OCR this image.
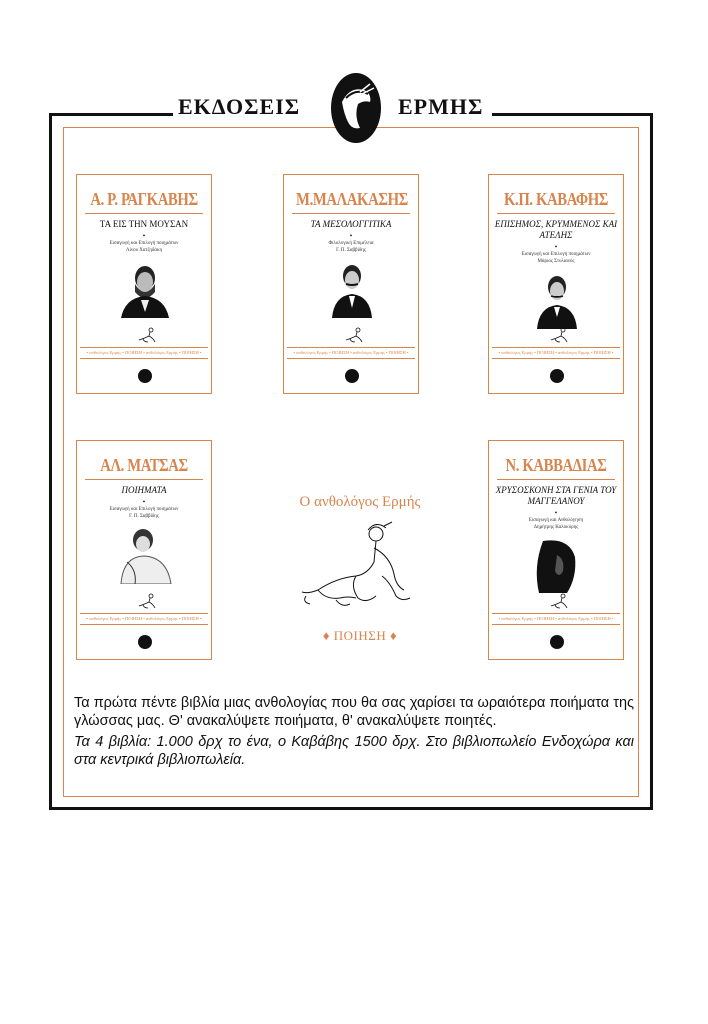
ΕΚΔΟΣΕΙΣ	ΕΡΜΗΣ
Α. Ρ. ΡΑΓΚΑΒΗΣ
ΤΑ ΕΙΣ ΤΗΝ ΜΟΥΣΑΝ
•
Εισαγωγή και Επιλογή ποιημάτων
Λίνου Χατζηδάκη
• ανθολόγος Ερμής • ΠΟΙΗΣΗ • ανθολόγος Ερμής • ΠΟΙΗΣΗ •
Μ.ΜΑΛΑΚΑΣΗΣ
ΤΑ ΜΕΣΟΛΟΓΓΙΤΙΚΑ
•
Φιλολογική Επιμέλεια
Γ. Π. Σαββίδης
• ανθολόγος Ερμής • ΠΟΙΗΣΗ • ανθολόγος Ερμής • ΠΟΙΗΣΗ •
Κ.Π. ΚΑΒΑΦΗΣ
ΕΠΙΣΗΜΟΣ, ΚΡΥΜΜΕΝΟΣ ΚΑΙ ΑΤΕΛΗΣ
•
Εισαγωγή και Επιλογή ποιημάτων
Μάριος Στυλιανός
• ανθολόγος Ερμής • ΠΟΙΗΣΗ • ανθολόγος Ερμής • ΠΟΙΗΣΗ •
ΑΛ. ΜΑΤΣΑΣ
ΠΟΙΗΜΑΤΑ
•
Εισαγωγή και Επιλογή ποιημάτων
Γ. Π. Σαββίδης
• ανθολόγος Ερμής • ΠΟΙΗΣΗ • ανθολόγος Ερμής • ΠΟΙΗΣΗ •
Ν. ΚΑΒΒΑΔΙΑΣ
ΧΡΥΣΟΣΚΟΝΗ ΣΤΑ ΓΕΝΙΑ ΤΟΥ ΜΑΓΓΕΛΑΝΟΥ
•
Εισαγωγή και Ανθολόγηση
Δημήτρης Καλοκύρης
• ανθολόγος Ερμής • ΠΟΙΗΣΗ • ανθολόγος Ερμής • ΠΟΙΗΣΗ •
Ο ανθολόγος Ερμής
♦ ΠΟΙΗΣΗ ♦
Τα πρώτα πέντε βιβλία μιας ανθολογίας που θα σας χαρίσει τα ωραιότερα ποιήματα της γλώσσας μας. Θ' ανακαλύψετε ποιήματα, θ' ανακαλύψετε ποιητές.
Τα 4 βιβλία: 1.000 δρχ το ένα, ο Καβάβης 1500 δρχ. Στο βιβλιοπωλείο Ενδοχώρα και στα κεντρικά βιβλιοπωλεία.
